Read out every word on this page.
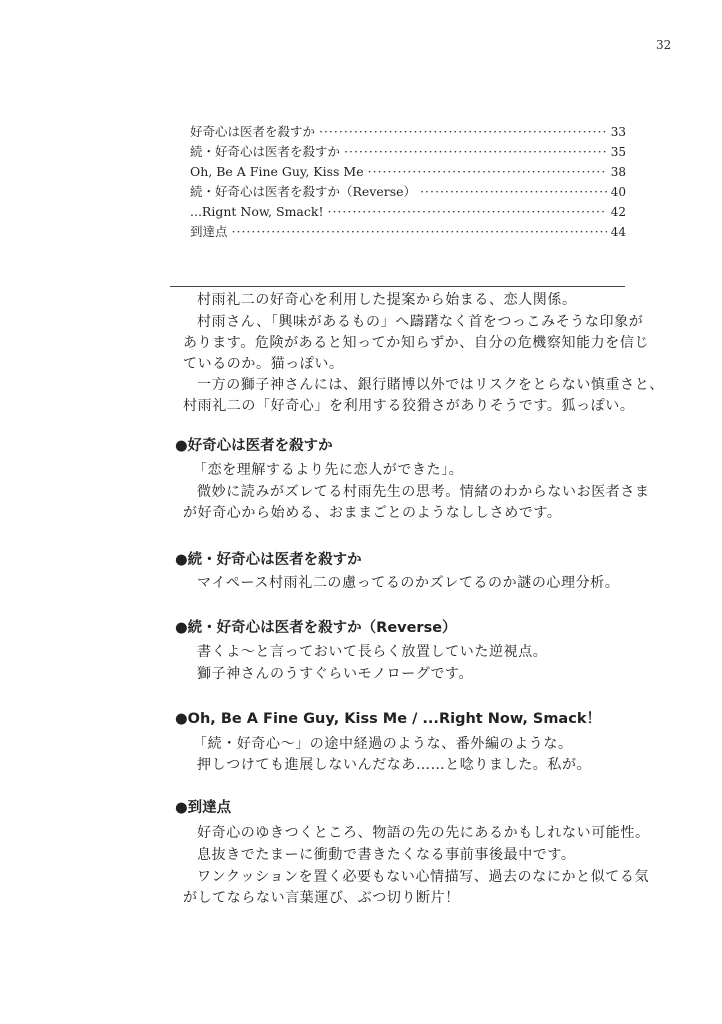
32
好奇心は医者を殺すか ·····	33
続・好奇心は医者を殺すか ·····	35
Oh, Be A Fine Guy, Kiss Me ·····	38
続・好奇心は医者を殺すか（Reverse） ·····	40
...Rignt Now, Smack! ·····	42
到達点 ·····	44
村雨礼二の好奇心を利用した提案から始まる、恋人関係。
村雨さん、「興味があるもの」へ躊躇なく首をつっこみそうな印象が
あります。危険があると知ってか知らずか、自分の危機察知能力を信じ
ているのか。猫っぽい。
一方の獅子神さんには、銀行賭博以外ではリスクをとらない慎重さと、
村雨礼二の「好奇心」を利用する狡猾さがありそうです。狐っぽい。
●好奇心は医者を殺すか
「恋を理解するより先に恋人ができた」。
微妙に読みがズレてる村雨先生の思考。情緒のわからないお医者さま
が好奇心から始める、おままごとのようなししさめです。
●続・好奇心は医者を殺すか
マイペース村雨礼二の慮ってるのかズレてるのか謎の心理分析。
●続・好奇心は医者を殺すか（Reverse）
書くよ〜と言っておいて長らく放置していた逆視点。
獅子神さんのうすぐらいモノローグです。
●Oh, Be A Fine Guy, Kiss Me / ...Right Now, Smack！
「続・好奇心〜」の途中経過のような、番外編のような。
押しつけても進展しないんだなあ……と唸りました。私が。
●到達点
好奇心のゆきつくところ、物語の先の先にあるかもしれない可能性。
息抜きでたまーに衝動で書きたくなる事前事後最中です。
ワンクッションを置く必要もない心情描写、過去のなにかと似てる気
がしてならない言葉運び、ぶつ切り断片！
